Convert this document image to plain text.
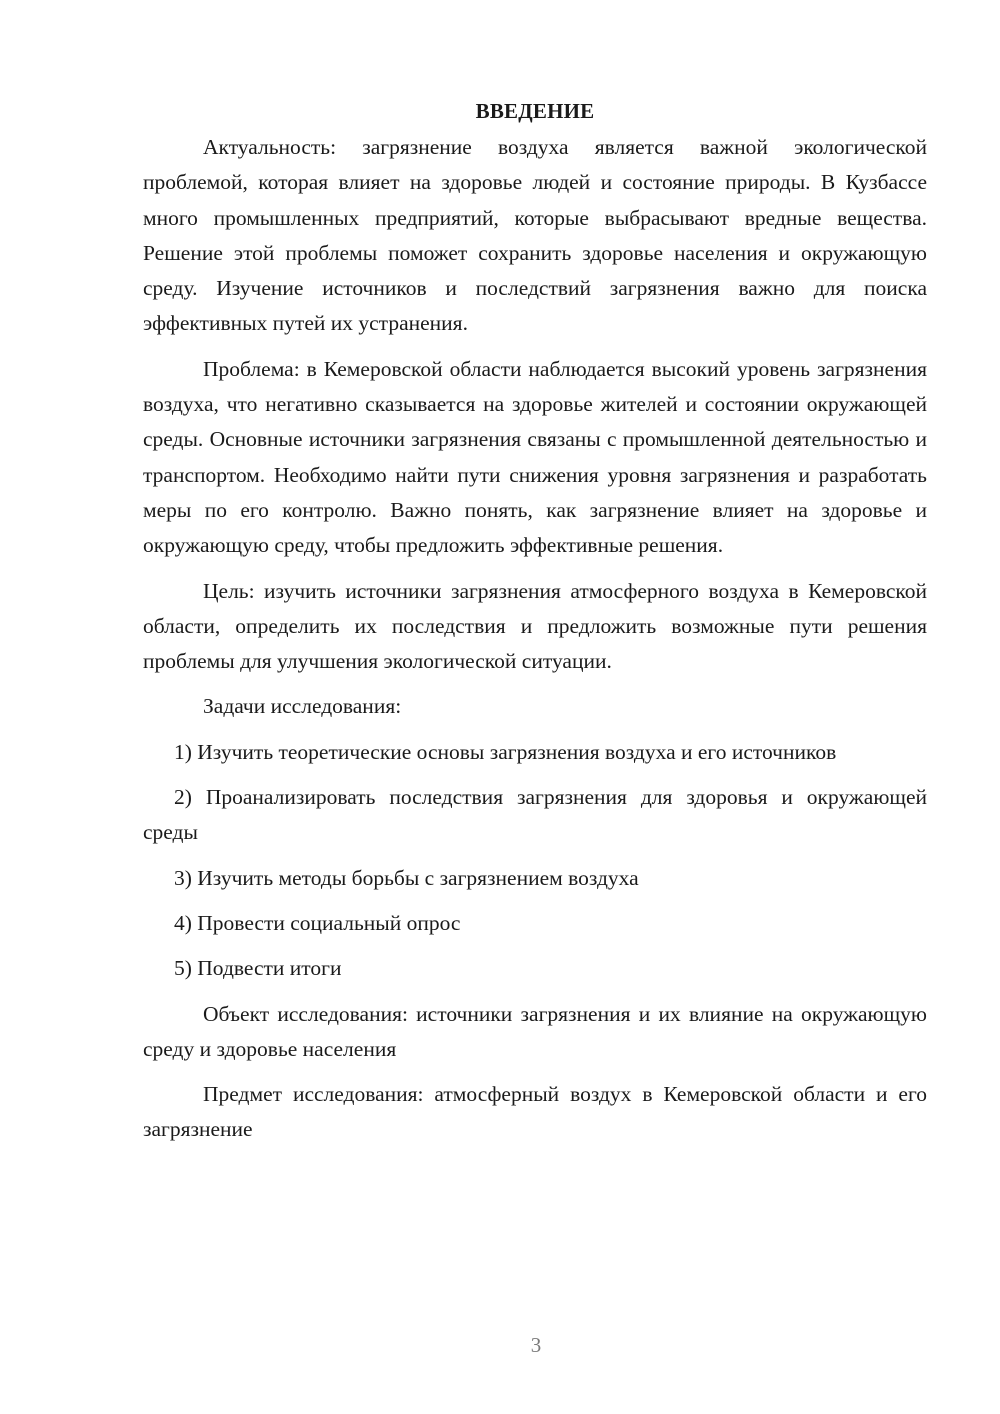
ВВЕДЕНИЕ

Актуальность: загрязнение воздуха является важной экологической проблемой, которая влияет на здоровье людей и состояние природы. В Кузбассе много промышленных предприятий, которые выбрасывают вредные вещества. Решение этой проблемы поможет сохранить здоровье населения и окружающую среду. Изучение источников и последствий загрязнения важно для поиска эффективных путей их устранения.

Проблема: в Кемеровской области наблюдается высокий уровень загрязнения воздуха, что негативно сказывается на здоровье жителей и состоянии окружающей среды. Основные источники загрязнения связаны с промышленной деятельностью и транспортом. Необходимо найти пути снижения уровня загрязнения и разработать меры по его контролю. Важно понять, как загрязнение влияет на здоровье и окружающую среду, чтобы предложить эффективные решения.

Цель: изучить источники загрязнения атмосферного воздуха в Кемеровской области, определить их последствия и предложить возможные пути решения проблемы для улучшения экологической ситуации.

Задачи исследования:

1) Изучить теоретические основы загрязнения воздуха и его источников

2) Проанализировать последствия загрязнения для здоровья и окружающей среды

3) Изучить методы борьбы с загрязнением воздуха

4) Провести социальный опрос

5) Подвести итоги

Объект исследования: источники загрязнения и их влияние на окружающую среду и здоровье населения

Предмет исследования: атмосферный воздух в Кемеровской области и его загрязнение

3
